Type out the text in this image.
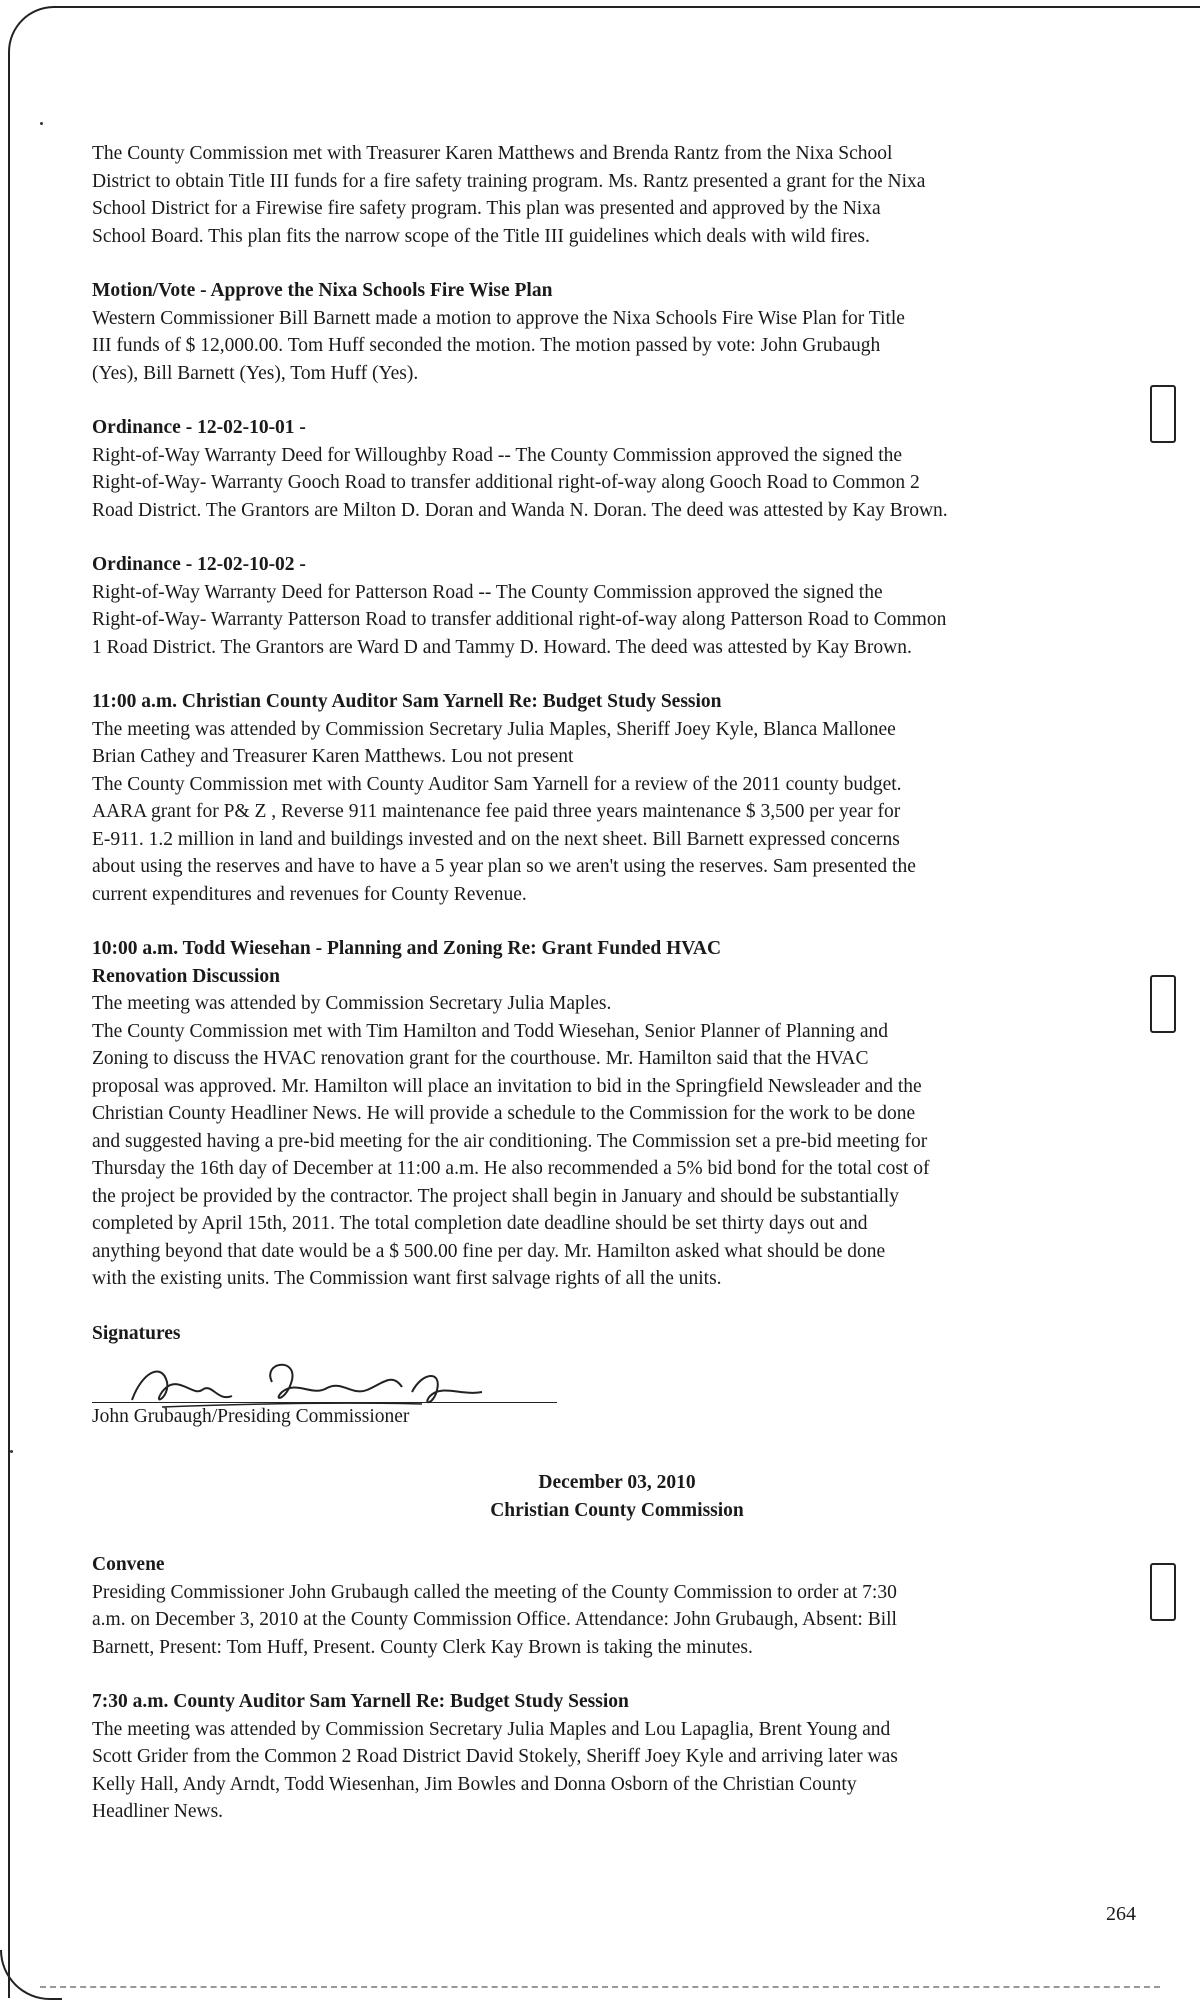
The County Commission met with Treasurer Karen Matthews and Brenda Rantz from the Nixa School
District to obtain Title III funds for a fire safety training program. Ms. Rantz presented a grant for the Nixa
School District for a Firewise fire safety program. This plan was presented and approved by the Nixa
School Board. This plan fits the narrow scope of the Title III guidelines which deals with wild fires.
Motion/Vote - Approve the Nixa Schools Fire Wise Plan
Western Commissioner Bill Barnett made a motion to approve the Nixa Schools Fire Wise Plan for Title
III funds of $ 12,000.00. Tom Huff seconded the motion. The motion passed by vote: John Grubaugh
(Yes), Bill Barnett (Yes), Tom Huff (Yes).
Ordinance - 12-02-10-01 -
Right-of-Way Warranty Deed for Willoughby Road -- The County Commission approved the signed the
Right-of-Way- Warranty Gooch Road to transfer additional right-of-way along Gooch Road to Common 2
Road District. The Grantors are Milton D. Doran and Wanda N. Doran. The deed was attested by Kay Brown.
Ordinance - 12-02-10-02 -
Right-of-Way Warranty Deed for Patterson Road -- The County Commission approved the signed the
Right-of-Way- Warranty Patterson Road to transfer additional right-of-way along Patterson Road to Common
1 Road District. The Grantors are Ward D and Tammy D. Howard. The deed was attested by Kay Brown.
11:00 a.m. Christian County Auditor Sam Yarnell Re: Budget Study Session
The meeting was attended by Commission Secretary Julia Maples, Sheriff Joey Kyle, Blanca Mallonee
Brian Cathey and Treasurer Karen Matthews. Lou not present
The County Commission met with County Auditor Sam Yarnell for a review of the 2011 county budget.
AARA grant for P& Z , Reverse 911 maintenance fee paid three years maintenance $ 3,500 per year for
E-911. 1.2 million in land and buildings invested and on the next sheet. Bill Barnett expressed concerns
about using the reserves and have to have a 5 year plan so we aren't using the reserves. Sam presented the
current expenditures and revenues for County Revenue.
10:00 a.m. Todd Wiesehan - Planning and Zoning Re: Grant Funded HVAC
Renovation Discussion
The meeting was attended by Commission Secretary Julia Maples.
The County Commission met with Tim Hamilton and Todd Wiesehan, Senior Planner of Planning and
Zoning to discuss the HVAC renovation grant for the courthouse. Mr. Hamilton said that the HVAC
proposal was approved. Mr. Hamilton will place an invitation to bid in the Springfield Newsleader and the
Christian County Headliner News. He will provide a schedule to the Commission for the work to be done
and suggested having a pre-bid meeting for the air conditioning. The Commission set a pre-bid meeting for
Thursday the 16th day of December at 11:00 a.m. He also recommended a 5% bid bond for the total cost of
the project be provided by the contractor. The project shall begin in January and should be substantially
completed by April 15th, 2011. The total completion date deadline should be set thirty days out and
anything beyond that date would be a $ 500.00 fine per day. Mr. Hamilton asked what should be done
with the existing units. The Commission want first salvage rights of all the units.
Signatures
John Grubaugh/Presiding Commissioner
December 03, 2010
Christian County Commission
Convene
Presiding Commissioner John Grubaugh called the meeting of the County Commission to order at 7:30
a.m. on December 3, 2010 at the County Commission Office. Attendance: John Grubaugh, Absent: Bill
Barnett, Present: Tom Huff, Present. County Clerk Kay Brown is taking the minutes.
7:30 a.m. County Auditor Sam Yarnell Re: Budget Study Session
The meeting was attended by Commission Secretary Julia Maples and Lou Lapaglia, Brent Young and
Scott Grider from the Common 2 Road District David Stokely, Sheriff Joey Kyle and arriving later was
Kelly Hall, Andy Arndt, Todd Wiesenhan, Jim Bowles and Donna Osborn of the Christian County
Headliner News.
264
